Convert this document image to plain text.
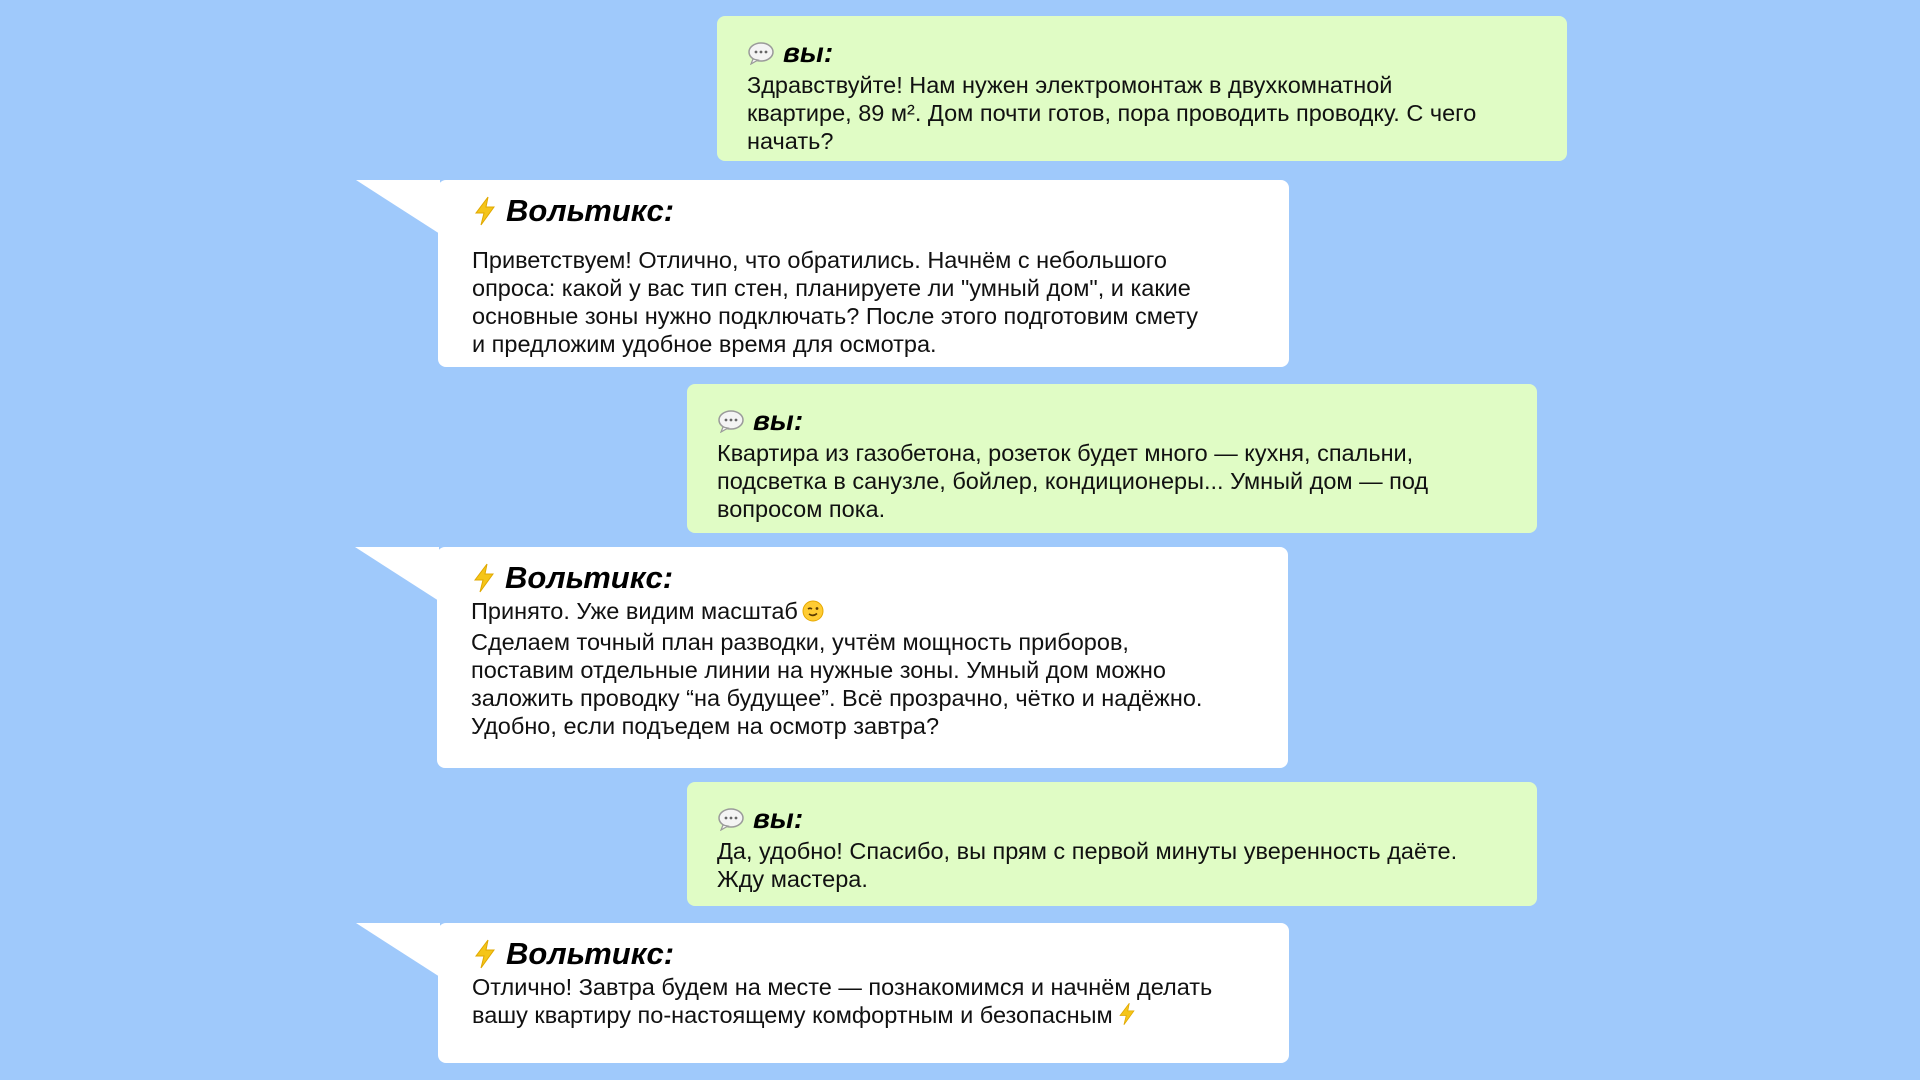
вы:
Здравствуйте! Нам нужен электромонтаж в двухкомнатной
квартире, 89 м². Дом почти готов, пора проводить проводку. С чего
начать?
Вольтикс:
Приветствуем! Отлично, что обратились. Начнём с небольшого
опроса: какой у вас тип стен, планируете ли "умный дом", и какие
основные зоны нужно подключать? После этого подготовим смету
и предложим удобное время для осмотра.
вы:
Квартира из газобетона, розеток будет много — кухня, спальни,
подсветка в санузле, бойлер, кондиционеры... Умный дом — под
вопросом пока.
Вольтикс:
Принято. Уже видим масштаб
Сделаем точный план разводки, учтём мощность приборов,
поставим отдельные линии на нужные зоны. Умный дом можно
заложить проводку “на будущее”. Всё прозрачно, чётко и надёжно.
Удобно, если подъедем на осмотр завтра?
вы:
Да, удобно! Спасибо, вы прям с первой минуты уверенность даёте.
Жду мастера.
Вольтикс:
Отлично! Завтра будем на месте — познакомимся и начнём делать
вашу квартиру по-настоящему комфортным и безопасным
